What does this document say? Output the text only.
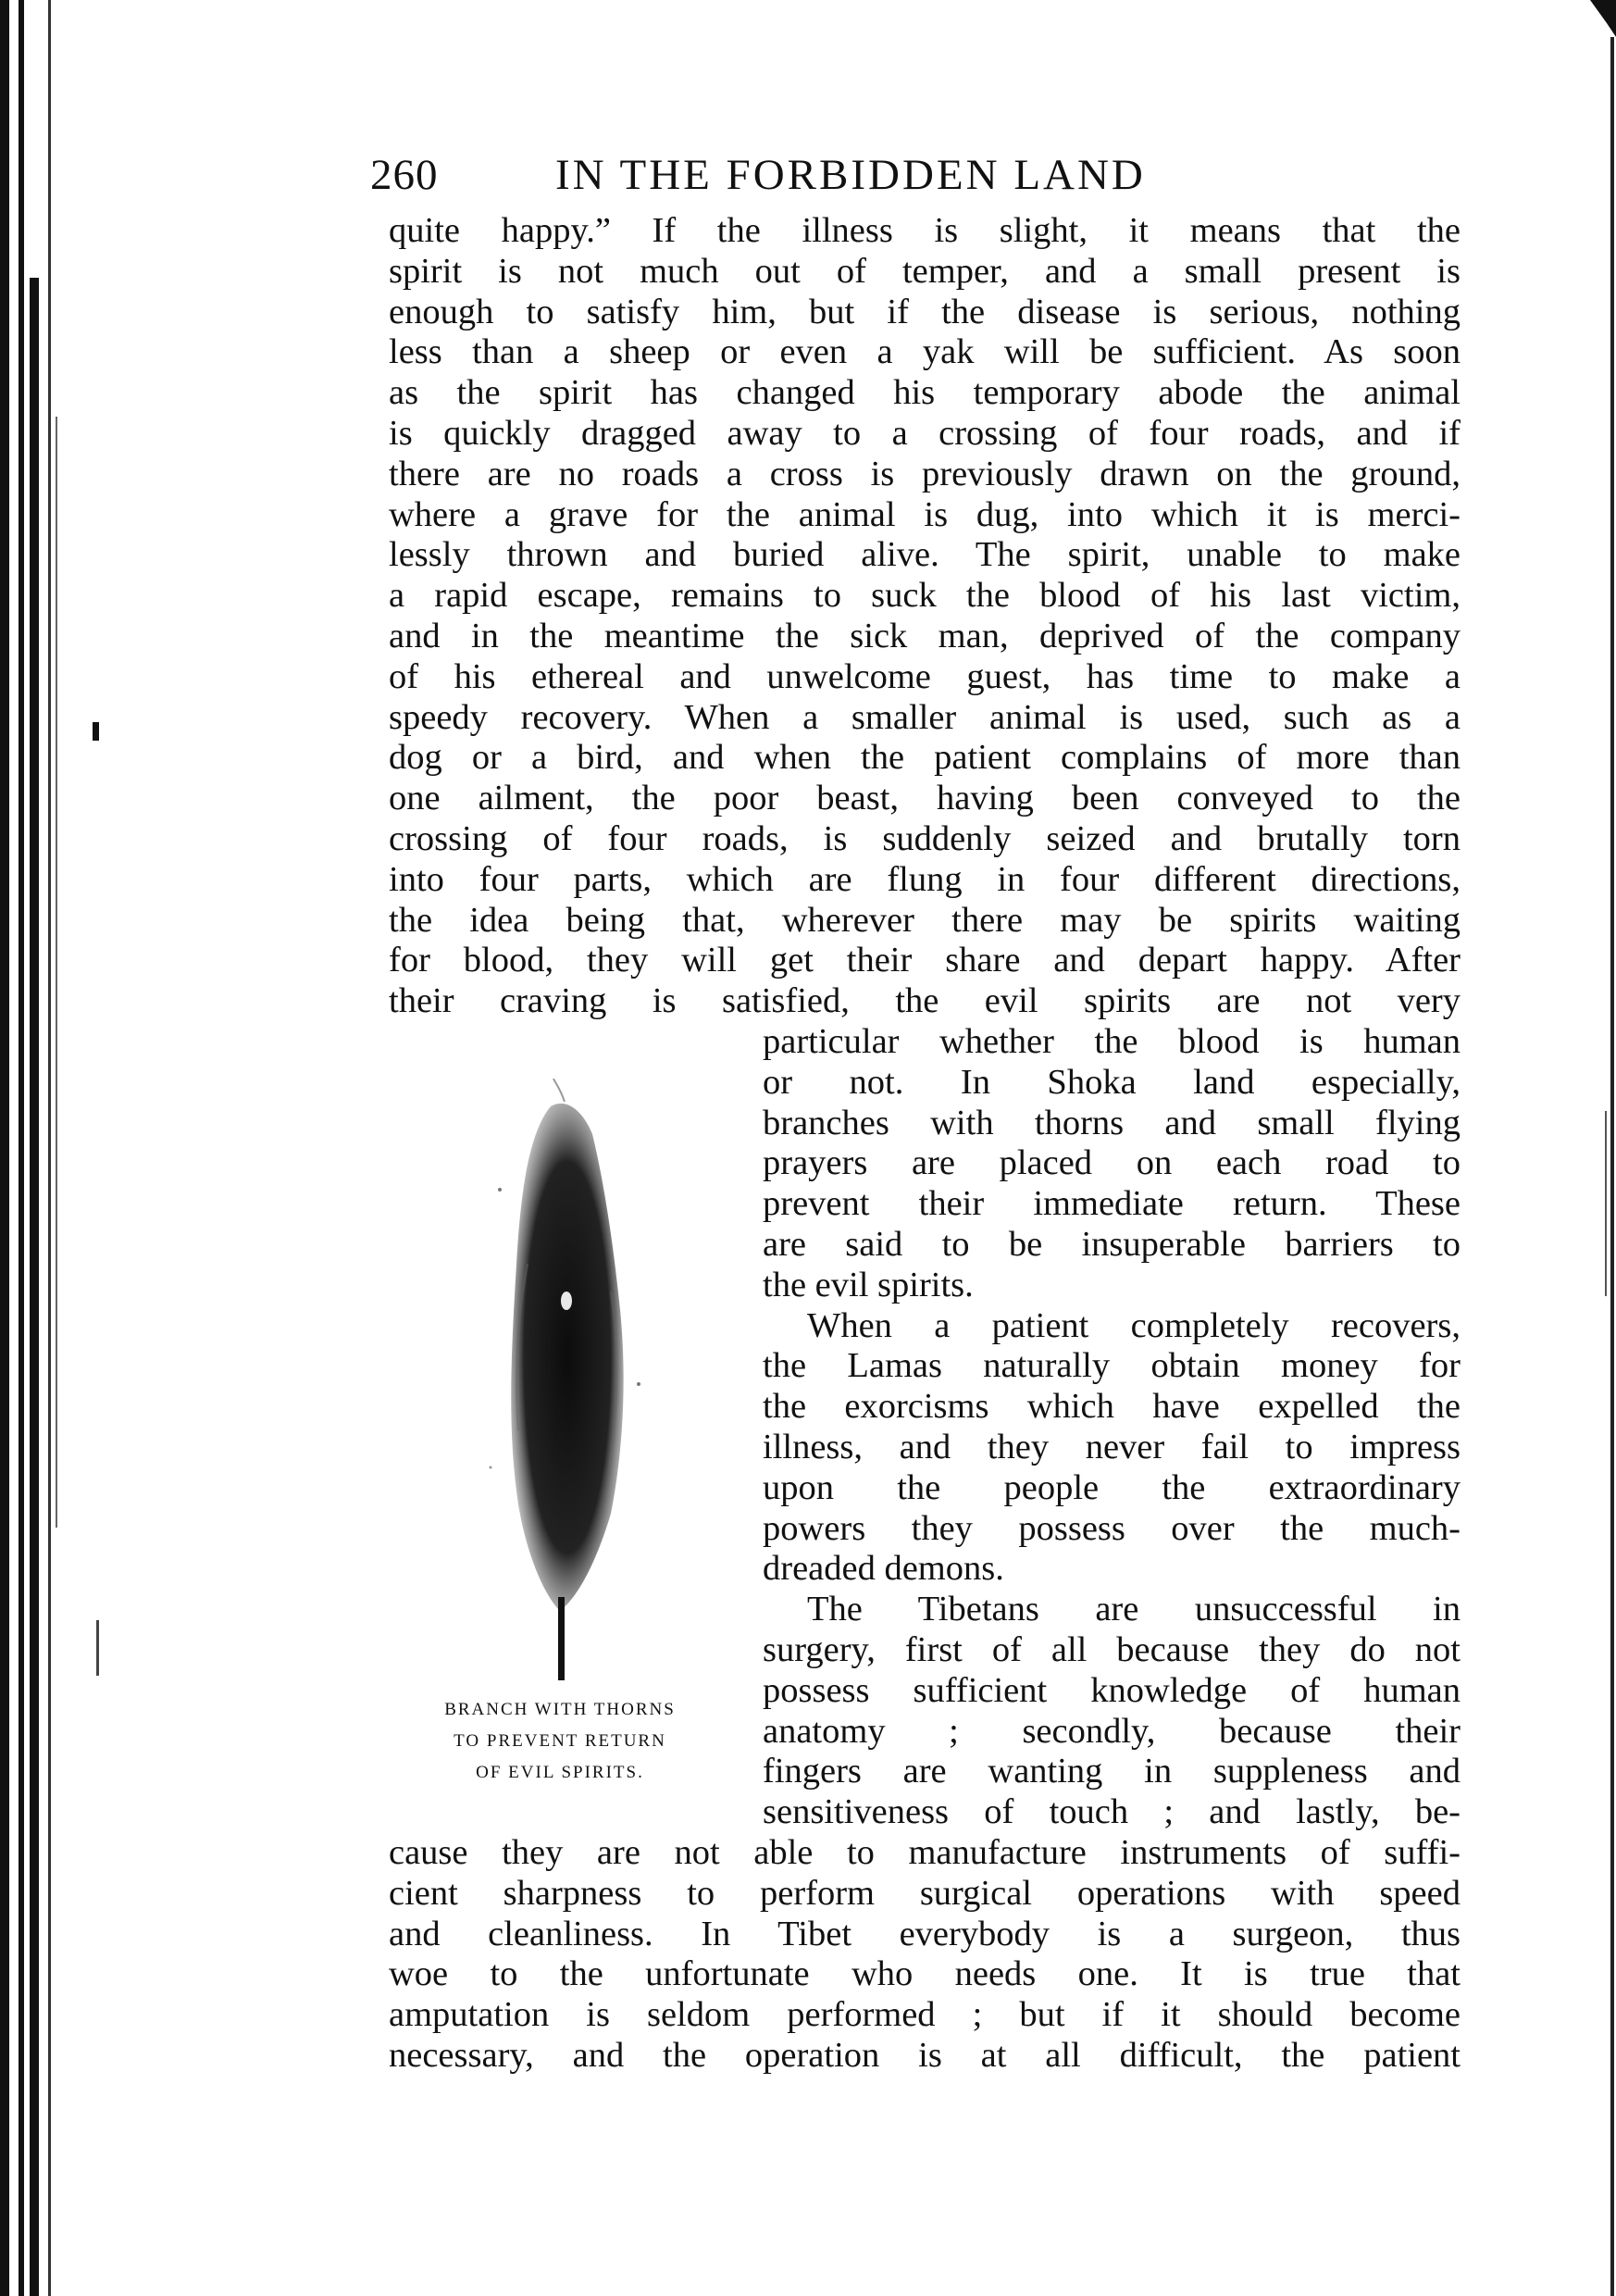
260	IN THE FORBIDDEN LAND
quite happy.” If the illness is slight, it means that the
spirit is not much out of temper, and a small present is
enough to satisfy him, but if the disease is serious, nothing
less than a sheep or even a yak will be sufficient. As soon
as the spirit has changed his temporary abode the animal
is quickly dragged away to a crossing of four roads, and if
there are no roads a cross is previously drawn on the ground,
where a grave for the animal is dug, into which it is merci-
lessly thrown and buried alive. The spirit, unable to make
a rapid escape, remains to suck the blood of his last victim,
and in the meantime the sick man, deprived of the company
of his ethereal and unwelcome guest, has time to make a
speedy recovery. When a smaller animal is used, such as a
dog or a bird, and when the patient complains of more than
one ailment, the poor beast, having been conveyed to the
crossing of four roads, is suddenly seized and brutally torn
into four parts, which are flung in four different directions,
the idea being that, wherever there may be spirits waiting
for blood, they will get their share and depart happy. After
their craving is satisfied, the evil spirits are not very
particular whether the blood is human
or not. In Shoka land especially,
branches with thorns and small flying
prayers are placed on each road to
prevent their immediate return. These
are said to be insuperable barriers to
the evil spirits.
When a patient completely recovers,
the Lamas naturally obtain money for
the exorcisms which have expelled the
illness, and they never fail to impress
upon the people the extraordinary
powers they possess over the much-
dreaded demons.
The Tibetans are unsuccessful in
surgery, first of all because they do not
possess sufficient knowledge of human
anatomy ; secondly, because their
fingers are wanting in suppleness and
sensitiveness of touch ; and lastly, be-
cause they are not able to manufacture instruments of suffi-
cient sharpness to perform surgical operations with speed
and cleanliness. In Tibet everybody is a surgeon, thus
woe to the unfortunate who needs one. It is true that
amputation is seldom performed ; but if it should become
necessary, and the operation is at all difficult, the patient
BRANCH WITH THORNS
TO PREVENT RETURN
OF EVIL SPIRITS.
